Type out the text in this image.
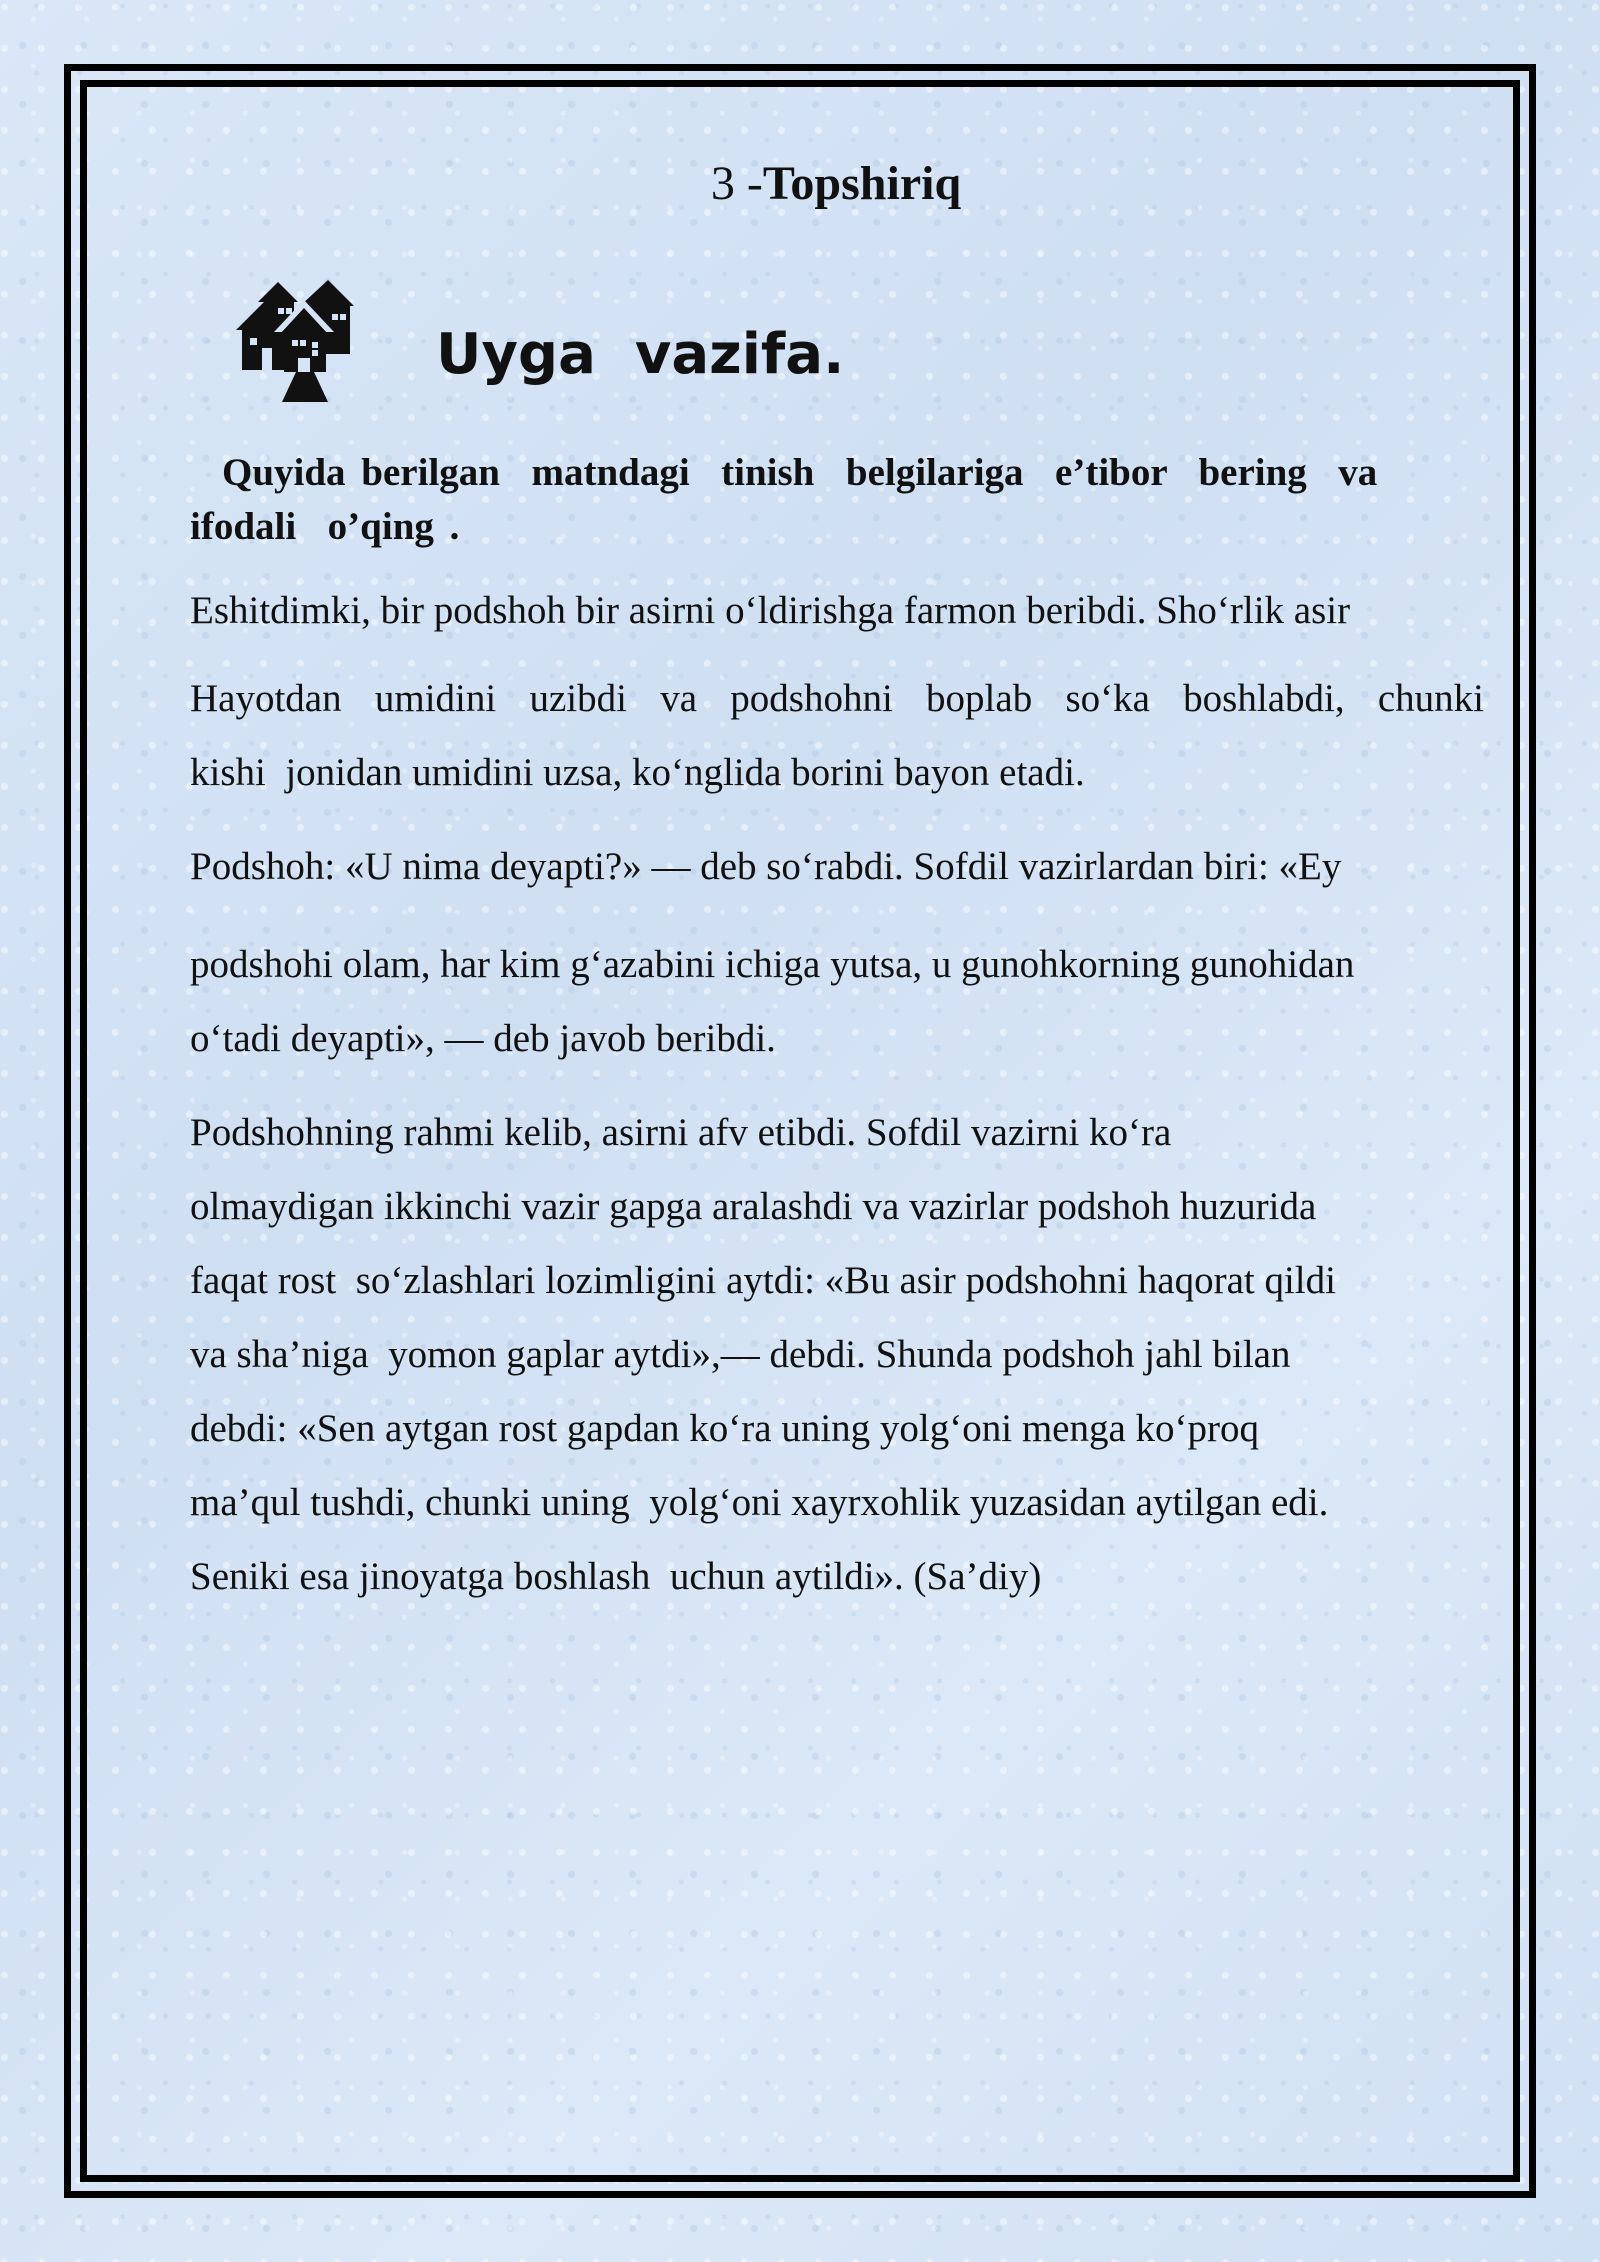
3 -Topshiriq
Uyga  vazifa.
Quyida berilgan  matndagi  tinish  belgilariga  e’tibor  bering  va  ifodali  o’qing .
Eshitdimki, bir podshoh bir asirni o‘ldirishga farmon beribdi. Sho‘rlik asir
Hayotdan umidini uzibdi va podshohni boplab so‘ka boshlabdi, chunki
kishi  jonidan umidini uzsa, ko‘nglida borini bayon etadi.
Podshoh: «U nima deyapti?» — deb so‘rabdi. Sofdil vazirlardan biri: «Ey
podshohi olam, har kim g‘azabini ichiga yutsa, u gunohkorning gunohidan
o‘tadi deyapti», — deb javob beribdi.
Podshohning rahmi kelib, asirni afv etibdi. Sofdil vazirni ko‘ra
olmaydigan ikkinchi vazir gapga aralashdi va vazirlar podshoh huzurida
faqat rost  so‘zlashlari lozimligini aytdi: «Bu asir podshohni haqorat qildi
va sha’niga  yomon gaplar aytdi»,— debdi. Shunda podshoh jahl bilan
debdi: «Sen aytgan rost gapdan ko‘ra uning yolg‘oni menga ko‘proq
ma’qul tushdi, chunki uning  yolg‘oni xayrxohlik yuzasidan aytilgan edi.
Seniki esa jinoyatga boshlash  uchun aytildi». (Sa’diy)
